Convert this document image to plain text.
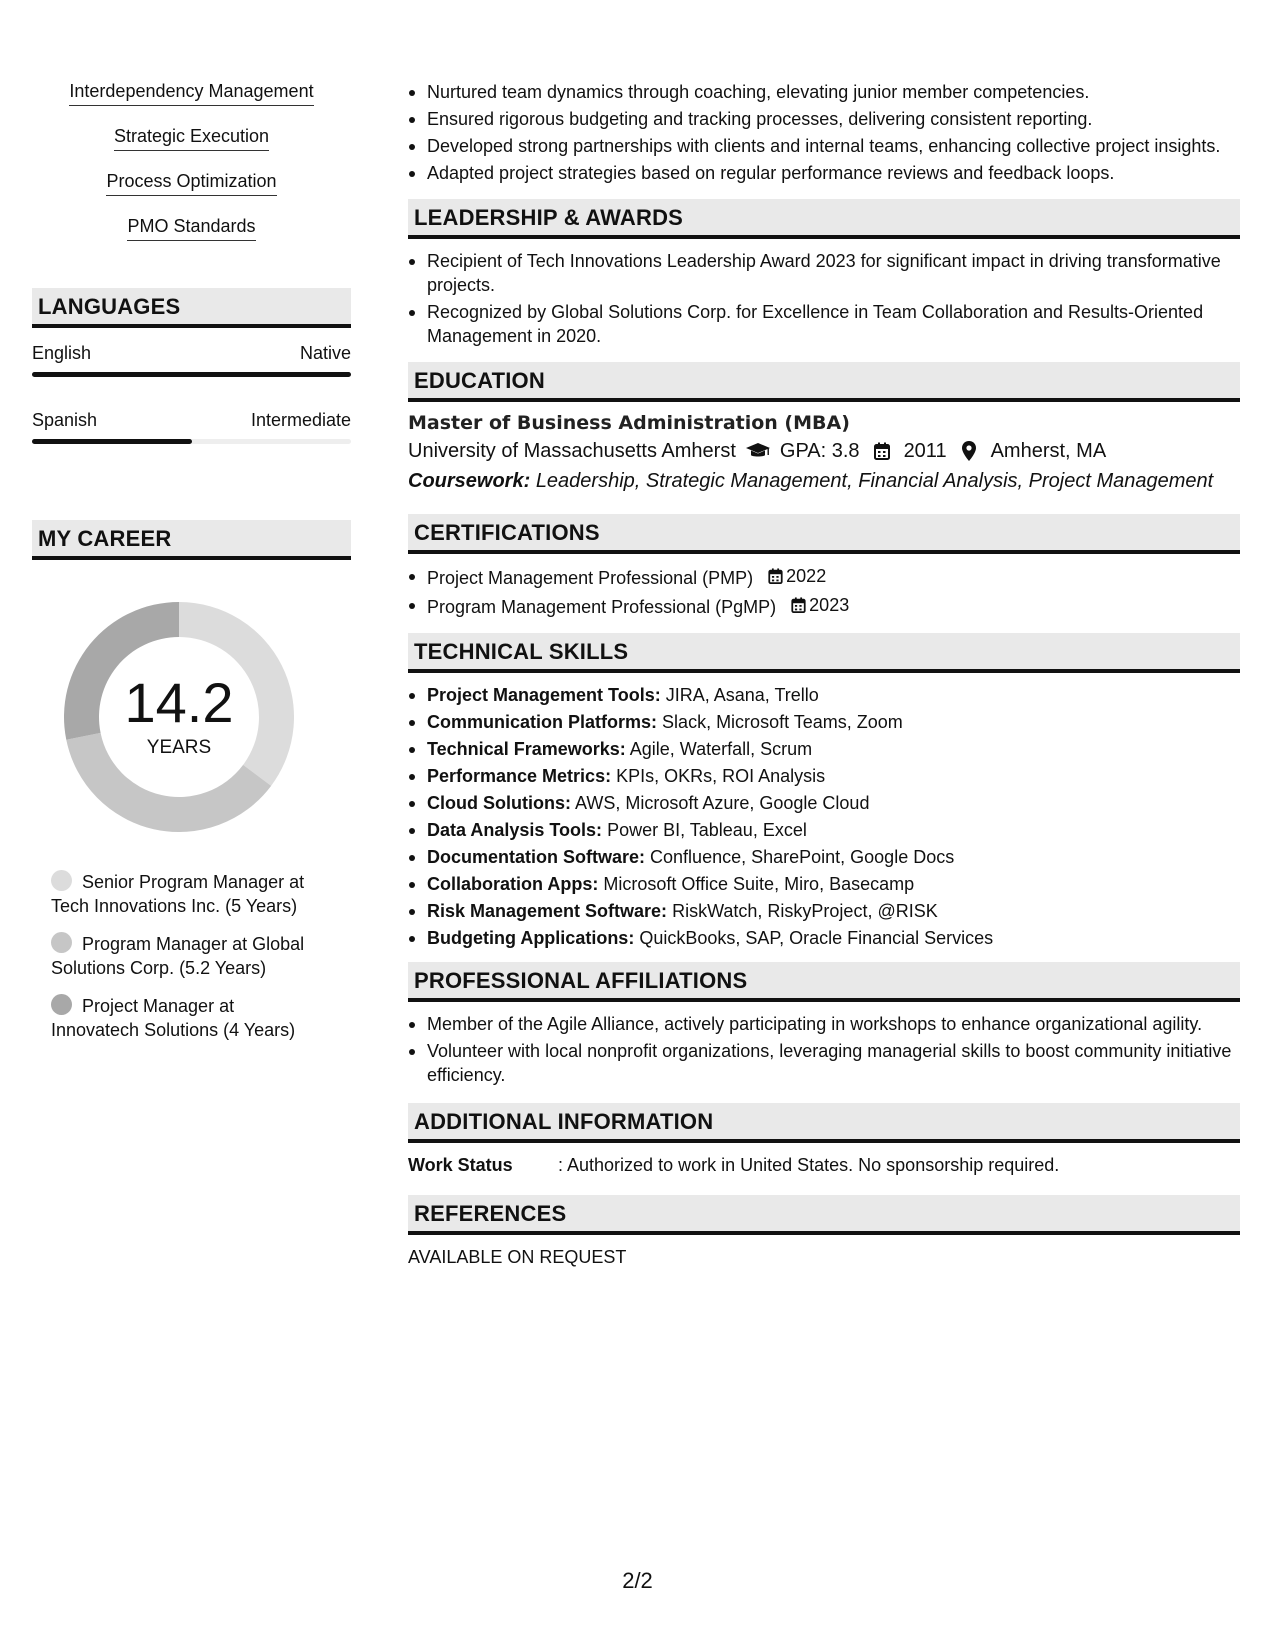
Interdependency Management
Strategic Execution
Process Optimization
PMO Standards
LANGUAGES
English	Native
Spanish	Intermediate
MY CAREER
14.2
YEARS
Senior Program Manager at Tech Innovations Inc. (5 Years)
Program Manager at Global Solutions Corp. (5.2 Years)
Project Manager at Innovatech Solutions (4 Years)
Nurtured team dynamics through coaching, elevating junior member competencies.
Ensured rigorous budgeting and tracking processes, delivering consistent reporting.
Developed strong partnerships with clients and internal teams, enhancing collective project insights.
Adapted project strategies based on regular performance reviews and feedback loops.
LEADERSHIP & AWARDS
Recipient of Tech Innovations Leadership Award 2023 for significant impact in driving transformative projects.
Recognized by Global Solutions Corp. for Excellence in Team Collaboration and Results-Oriented Management in 2020.
EDUCATION
Master of Business Administration (MBA)
University of Massachusetts Amherst GPA: 3.8 2011 Amherst, MA
Coursework: Leadership, Strategic Management, Financial Analysis, Project Management
CERTIFICATIONS
Project Management Professional (PMP) 2022
Program Management Professional (PgMP) 2023
TECHNICAL SKILLS
Project Management Tools: JIRA, Asana, Trello
Communication Platforms: Slack, Microsoft Teams, Zoom
Technical Frameworks: Agile, Waterfall, Scrum
Performance Metrics: KPIs, OKRs, ROI Analysis
Cloud Solutions: AWS, Microsoft Azure, Google Cloud
Data Analysis Tools: Power BI, Tableau, Excel
Documentation Software: Confluence, SharePoint, Google Docs
Collaboration Apps: Microsoft Office Suite, Miro, Basecamp
Risk Management Software: RiskWatch, RiskyProject, @RISK
Budgeting Applications: QuickBooks, SAP, Oracle Financial Services
PROFESSIONAL AFFILIATIONS
Member of the Agile Alliance, actively participating in workshops to enhance organizational agility.
Volunteer with local nonprofit organizations, leveraging managerial skills to boost community initiative efficiency.
ADDITIONAL INFORMATION
Work Status	: Authorized to work in United States. No sponsorship required.
REFERENCES
AVAILABLE ON REQUEST
2/2
